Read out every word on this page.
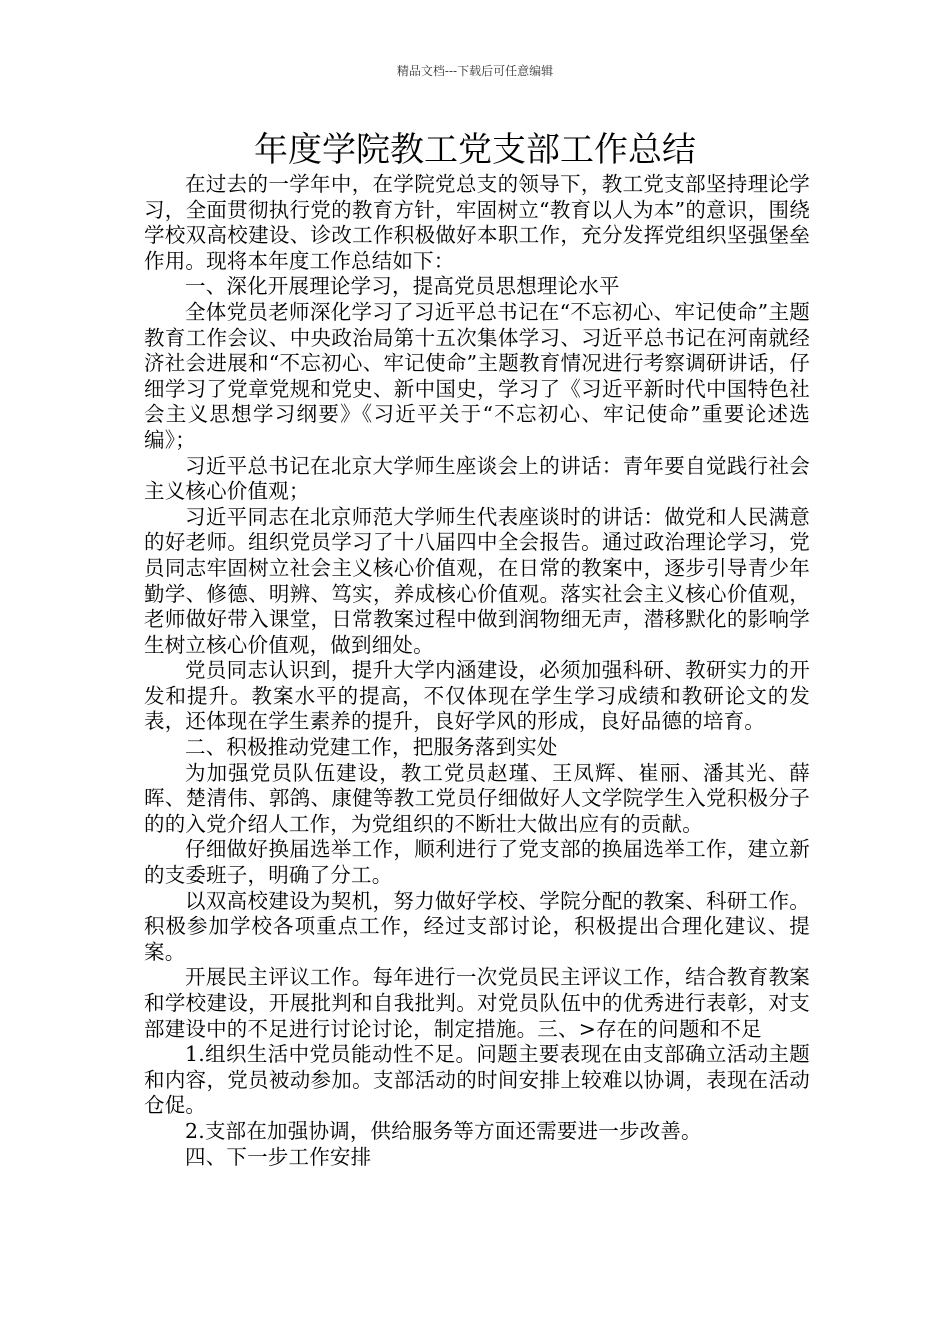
精品文档---下载后可任意编辑
年度学院教工党支部工作总结

在过去的一学年中，在学院党总支的领导下，教工党支部坚持理论学习，全面贯彻执行党的教育方针，牢固树立“教育以人为本”的意识，围绕学校双高校建设、诊改工作积极做好本职工作，充分发挥党组织坚强堡垒作用。现将本年度工作总结如下：

一、深化开展理论学习，提高党员思想理论水平

全体党员老师深化学习了习近平总书记在“不忘初心、牢记使命”主题教育工作会议、中央政治局第十五次集体学习、习近平总书记在河南就经济社会进展和“不忘初心、牢记使命”主题教育情况进行考察调研讲话，仔细学习了党章党规和党史、新中国史，学习了《习近平新时代中国特色社会主义思想学习纲要》《习近平关于“不忘初心、牢记使命”重要论述选编》；

习近平总书记在北京大学师生座谈会上的讲话：青年要自觉践行社会主义核心价值观；

习近平同志在北京师范大学师生代表座谈时的讲话：做党和人民满意的好老师。组织党员学习了十八届四中全会报告。通过政治理论学习，党员同志牢固树立社会主义核心价值观，在日常的教案中，逐步引导青少年勤学、修德、明辨、笃实，养成核心价值观。落实社会主义核心价值观，老师做好带入课堂，日常教案过程中做到润物细无声，潜移默化的影响学生树立核心价值观，做到细处。

党员同志认识到，提升大学内涵建设，必须加强科研、教研实力的开发和提升。教案水平的提高，不仅体现在学生学习成绩和教研论文的发表，还体现在学生素养的提升，良好学风的形成，良好品德的培育。

二、积极推动党建工作，把服务落到实处

为加强党员队伍建设，教工党员赵瑾、王凤辉、崔丽、潘其光、薛晖、楚清伟、郭鸽、康健等教工党员仔细做好人文学院学生入党积极分子的的入党介绍人工作，为党组织的不断壮大做出应有的贡献。

仔细做好换届选举工作，顺利进行了党支部的换届选举工作，建立新的支委班子，明确了分工。

以双高校建设为契机，努力做好学校、学院分配的教案、科研工作。积极参加学校各项重点工作，经过支部讨论，积极提出合理化建议、提案。

开展民主评议工作。每年进行一次党员民主评议工作，结合教育教案和学校建设，开展批判和自我批判。对党员队伍中的优秀进行表彰，对支部建设中的不足进行讨论讨论，制定措施。三、>存在的问题和不足

1.组织生活中党员能动性不足。问题主要表现在由支部确立活动主题和内容，党员被动参加。支部活动的时间安排上较难以协调，表现在活动仓促。

2.支部在加强协调，供给服务等方面还需要进一步改善。

四、下一步工作安排
